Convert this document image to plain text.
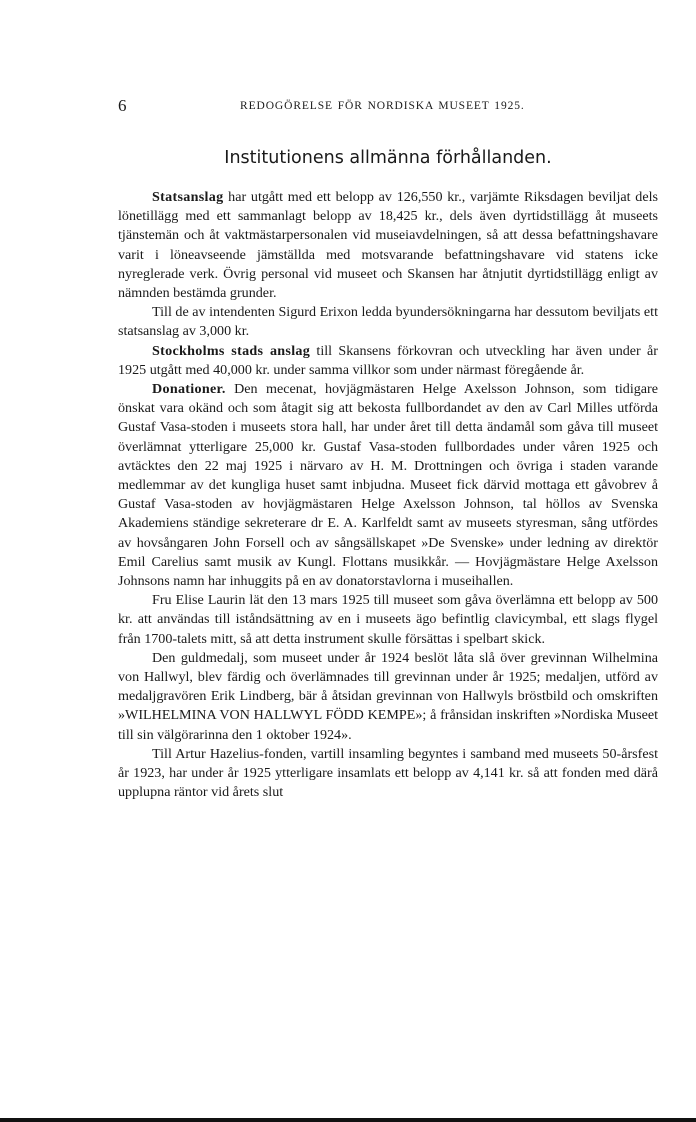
6	REDOGÖRELSE FÖR NORDISKA MUSEET 1925.
Institutionens allmänna förhållanden.

Statsanslag har utgått med ett belopp av 126,550 kr., varjämte Riksdagen beviljat dels lönetillägg med ett sammanlagt belopp av 18,425 kr., dels även dyrtidstillägg åt museets tjänstemän och åt vaktmästarpersonalen vid museiavdelningen, så att dessa befattningshavare varit i löneavseende jämställda med motsvarande befattningshavare vid statens icke nyreglerade verk. Övrig personal vid museet och Skansen har åtnjutit dyrtidstillägg enligt av nämnden bestämda grunder.

Till de av intendenten Sigurd Erixon ledda byundersökningarna har dessutom beviljats ett statsanslag av 3,000 kr.

Stockholms stads anslag till Skansens förkovran och utveckling har även under år 1925 utgått med 40,000 kr. under samma villkor som under närmast föregående år.

Donationer. Den mecenat, hovjägmästaren Helge Axelsson Johnson, som tidigare önskat vara okänd och som åtagit sig att bekosta fullbordandet av den av Carl Milles utförda Gustaf Vasa-stoden i museets stora hall, har under året till detta ändamål som gåva till museet överlämnat ytterligare 25,000 kr. Gustaf Vasa-stoden fullbordades under våren 1925 och avtäcktes den 22 maj 1925 i närvaro av H. M. Drottningen och övriga i staden varande medlemmar av det kungliga huset samt inbjudna. Museet fick därvid mottaga ett gåvobrev å Gustaf Vasa-stoden av hovjägmästaren Helge Axelsson Johnson, tal höllos av Svenska Akademiens ständige sekreterare dr E. A. Karlfeldt samt av museets styresman, sång utfördes av hovsångaren John Forsell och av sångsällskapet »De Svenske» under ledning av direktör Emil Carelius samt musik av Kungl. Flottans musikkår. — Hovjägmästare Helge Axelsson Johnsons namn har inhuggits på en av donatorstavlorna i museihallen.

Fru Elise Laurin lät den 13 mars 1925 till museet som gåva överlämna ett belopp av 500 kr. att användas till iståndsättning av en i museets ägo befintlig clavicymbal, ett slags flygel från 1700-talets mitt, så att detta instrument skulle försättas i spelbart skick.

Den guldmedalj, som museet under år 1924 beslöt låta slå över grevinnan Wilhelmina von Hallwyl, blev färdig och överlämnades till grevinnan under år 1925; medaljen, utförd av medaljgravören Erik Lindberg, bär å åtsidan grevinnan von Hallwyls bröstbild och omskriften »WILHELMINA VON HALLWYL FÖDD KEMPE»; å frånsidan inskriften »Nordiska Museet till sin välgörarinna den 1 oktober 1924».

Till Artur Hazelius-fonden, vartill insamling begyntes i samband med museets 50-årsfest år 1923, har under år 1925 ytterligare insamlats ett belopp av 4,141 kr. så att fonden med därå upplupna räntor vid årets slut
